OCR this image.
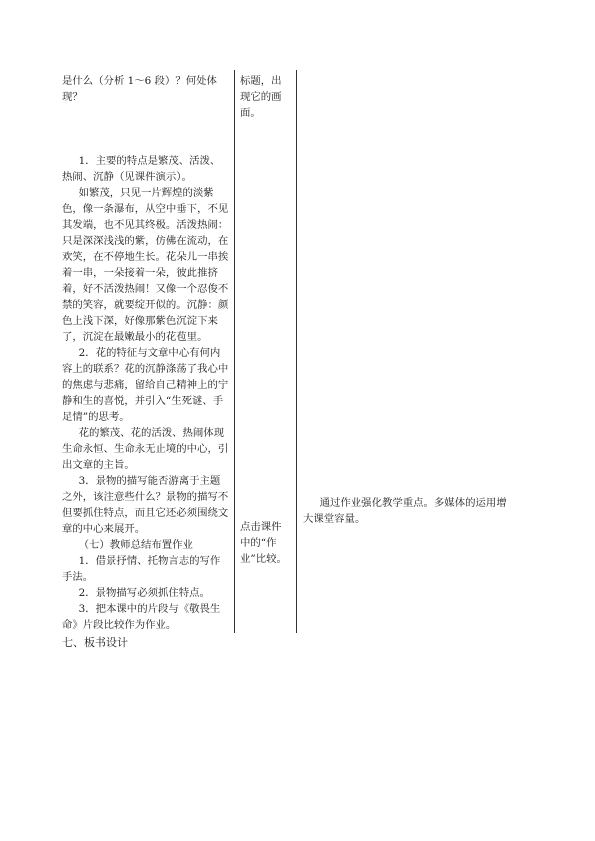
是什么（分析 1～6 段）？何处体现？

1．主要的特点是繁茂、活泼、热闹、沉静（见课件演示）。

如繁茂，只见一片辉煌的淡紫色，像一条瀑布，从空中垂下，不见其发端，也不见其终极。活泼热闹：只是深深浅浅的紫，仿佛在流动，在欢笑，在不停地生长。花朵儿一串挨着一串，一朵接着一朵，彼此推挤着，好不活泼热闹！又像一个忍俊不禁的笑容，就要绽开似的。沉静：颜色上浅下深，好像那紫色沉淀下来了，沉淀在最嫩最小的花苞里。

2．花的特征与文章中心有何内容上的联系？花的沉静涤荡了我心中的焦虑与悲痛，留给自己精神上的宁静和生的喜悦，并引入“生死谜、手足情”的思考。

花的繁茂、花的活泼、热闹体现生命永恒、生命永无止境的中心，引出文章的主旨。

3．景物的描写能否游离于主题之外，该注意些什么？景物的描写不但要抓住特点，而且它还必须围绕文

章的中心来展开。

（七）教师总结布置作业

1．借景抒情、托物言志的写作手法。

2．景物描写必须抓住特点。

3．把本课中的片段与《敬畏生命》片段比较作为作业。

标题，出现它的画面。

点击课件中的“作业”比较。

通过作业强化教学重点。多媒体的运用增大课堂容量。

七、板书设计
